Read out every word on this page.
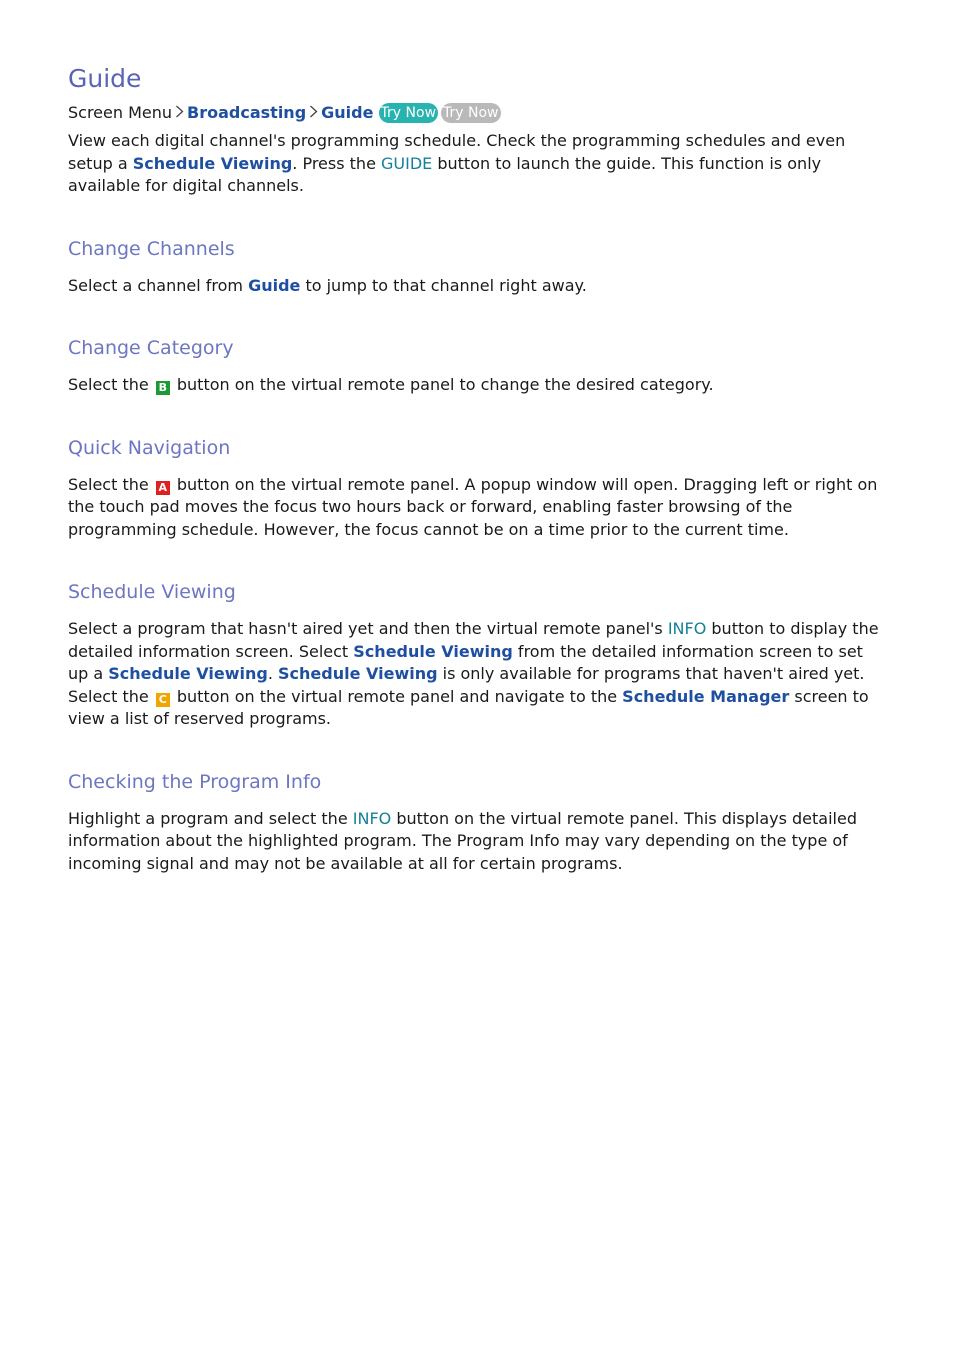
Guide
Screen Menu Broadcasting Guide Try Now Try Now

View each digital channel's programming schedule. Check the programming schedules and even setup a Schedule Viewing. Press the GUIDE button to launch the guide. This function is only available for digital channels.

Change Channels

Select a channel from Guide to jump to that channel right away.

Change Category

Select the B button on the virtual remote panel to change the desired category.

Quick Navigation

Select the A button on the virtual remote panel. A popup window will open. Dragging left or right on the touch pad moves the focus two hours back or forward, enabling faster browsing of the programming schedule. However, the focus cannot be on a time prior to the current time.

Schedule Viewing

Select a program that hasn't aired yet and then the virtual remote panel's INFO button to display the detailed information screen. Select Schedule Viewing from the detailed information screen to set up a Schedule Viewing. Schedule Viewing is only available for programs that haven't aired yet. Select the C button on the virtual remote panel and navigate to the Schedule Manager screen to view a list of reserved programs.

Checking the Program Info

Highlight a program and select the INFO button on the virtual remote panel. This displays detailed information about the highlighted program. The Program Info may vary depending on the type of incoming signal and may not be available at all for certain programs.
